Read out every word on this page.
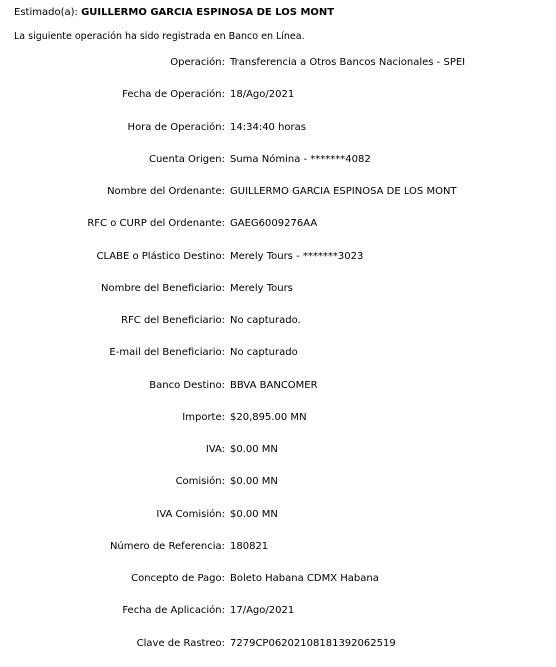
Estimado(a): GUILLERMO GARCIA ESPINOSA DE LOS MONT
La siguiente operación ha sido registrada en Banco en Línea.
Operación: Transferencia a Otros Bancos Nacionales - SPEI
Fecha de Operación: 18/Ago/2021
Hora de Operación: 14:34:40 horas
Cuenta Origen: Suma Nómina - *******4082
Nombre del Ordenante: GUILLERMO GARCIA ESPINOSA DE LOS MONT
RFC o CURP del Ordenante: GAEG6009276AA
CLABE o Plástico Destino: Merely Tours - *******3023
Nombre del Beneficiario: Merely Tours
RFC del Beneficiario: No capturado.
E-mail del Beneficiario: No capturado
Banco Destino: BBVA BANCOMER
Importe: $20,895.00 MN
IVA: $0.00 MN
Comisión: $0.00 MN
IVA Comisión: $0.00 MN
Número de Referencia: 180821
Concepto de Pago: Boleto Habana CDMX Habana
Fecha de Aplicación: 17/Ago/2021
Clave de Rastreo: 7279CP06202108181392062519
